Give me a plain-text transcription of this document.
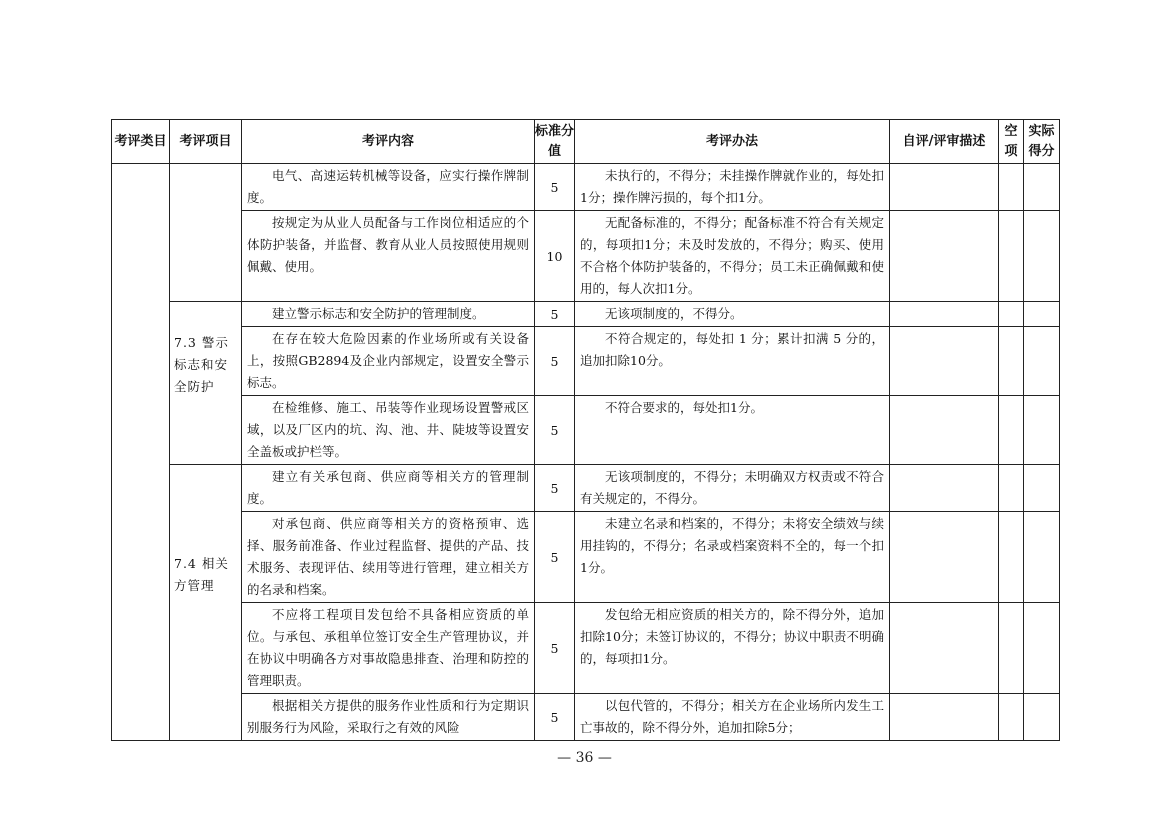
考评类目	考评项目	考评内容	标准分值	考评办法	自评/评审描述	空项	实际得分

		电气、高速运转机械等设备，应实行操作牌制度。	5	未执行的，不得分；未挂操作牌就作业的，每处扣1分；操作牌污损的，每个扣1分。			

		按规定为从业人员配备与工作岗位相适应的个体防护装备，并监督、教育从业人员按照使用规则佩戴、使用。	10	无配备标准的，不得分；配备标准不符合有关规定的，每项扣1分；未及时发放的，不得分；购买、使用不合格个体防护装备的，不得分；员工未正确佩戴和使用的，每人次扣1分。			

	7.3 警示标志和安全防护	建立警示标志和安全防护的管理制度。	5	无该项制度的，不得分。			

		在存在较大危险因素的作业场所或有关设备上，按照GB2894及企业内部规定，设置安全警示标志。	5	不符合规定的，每处扣 1 分；累计扣满 5 分的，追加扣除10分。			

		在检维修、施工、吊装等作业现场设置警戒区域，以及厂区内的坑、沟、池、井、陡坡等设置安全盖板或护栏等。	5	不符合要求的，每处扣1分。			

	7.4 相关方管理	建立有关承包商、供应商等相关方的管理制度。	5	无该项制度的，不得分；未明确双方权责或不符合有关规定的，不得分。			

		对承包商、供应商等相关方的资格预审、选择、服务前准备、作业过程监督、提供的产品、技术服务、表现评估、续用等进行管理，建立相关方的名录和档案。	5	未建立名录和档案的，不得分；未将安全绩效与续用挂钩的，不得分；名录或档案资料不全的，每一个扣1分。			

		不应将工程项目发包给不具备相应资质的单位。与承包、承租单位签订安全生产管理协议，并在协议中明确各方对事故隐患排查、治理和防控的管理职责。	5	发包给无相应资质的相关方的，除不得分外，追加扣除10分；未签订协议的，不得分；协议中职责不明确的，每项扣1分。			

		根据相关方提供的服务作业性质和行为定期识别服务行为风险，采取行之有效的风险	5	以包代管的，不得分；相关方在企业场所内发生工亡事故的，除不得分外，追加扣除5分；			

— 36 —
